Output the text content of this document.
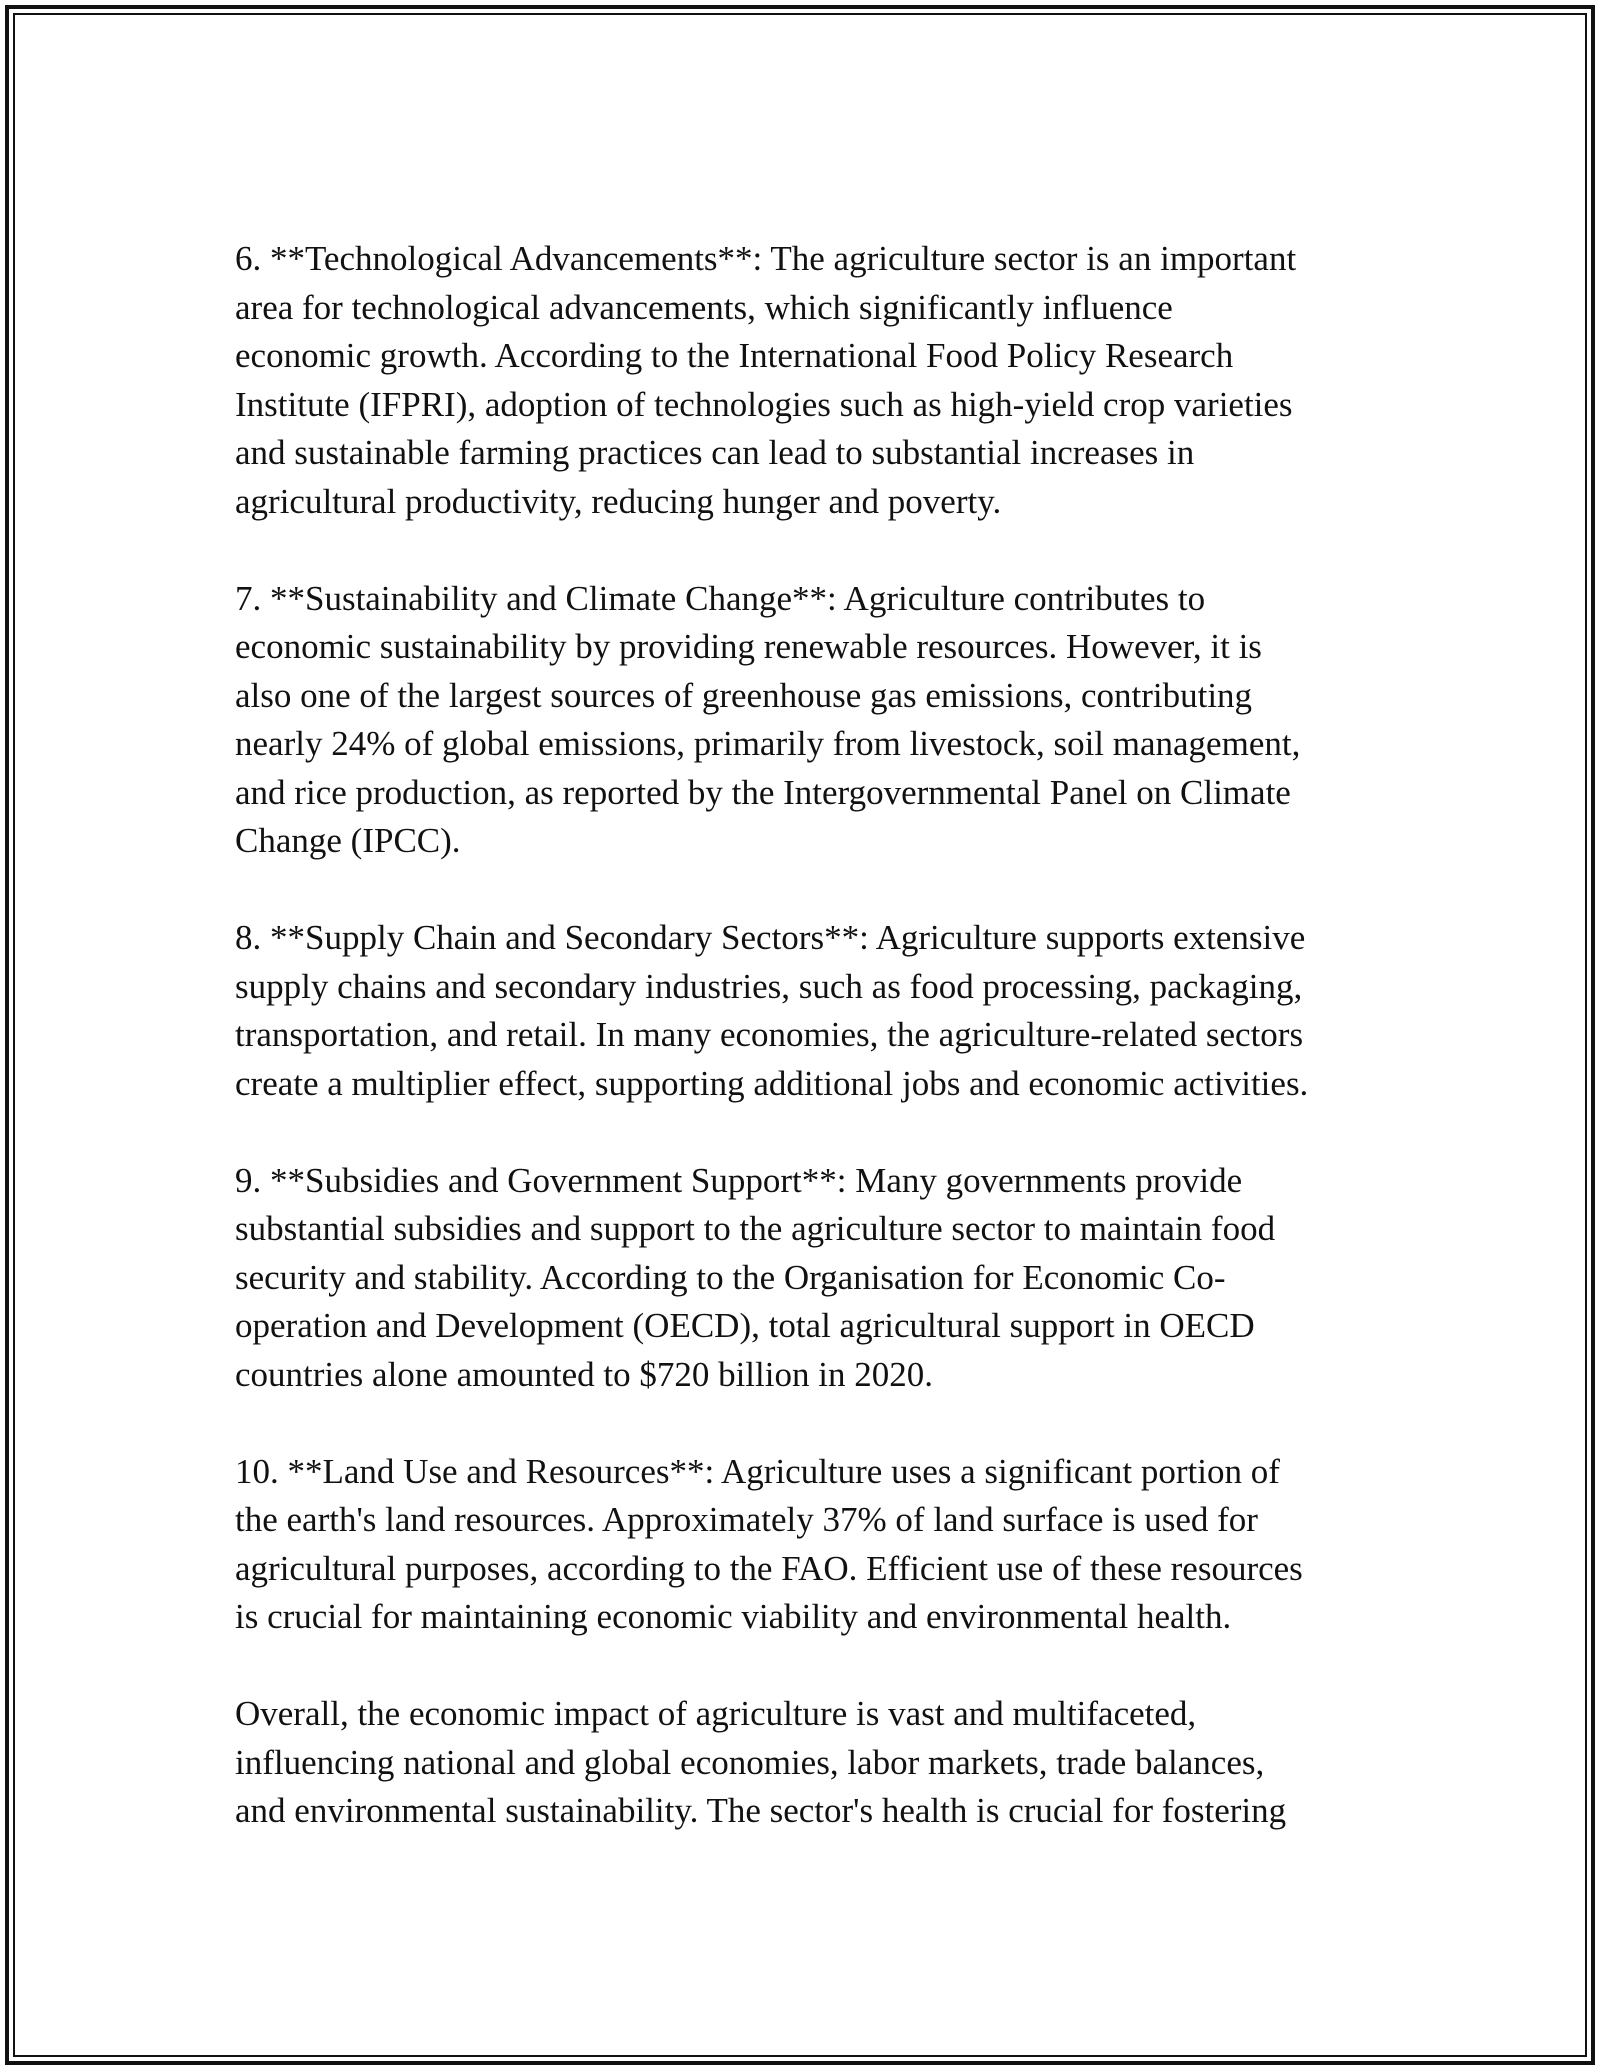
6. **Technological Advancements**: The agriculture sector is an important
area for technological advancements, which significantly influence
economic growth. According to the International Food Policy Research
Institute (IFPRI), adoption of technologies such as high-yield crop varieties
and sustainable farming practices can lead to substantial increases in
agricultural productivity, reducing hunger and poverty.

7. **Sustainability and Climate Change**: Agriculture contributes to
economic sustainability by providing renewable resources. However, it is
also one of the largest sources of greenhouse gas emissions, contributing
nearly 24% of global emissions, primarily from livestock, soil management,
and rice production, as reported by the Intergovernmental Panel on Climate
Change (IPCC).

8. **Supply Chain and Secondary Sectors**: Agriculture supports extensive
supply chains and secondary industries, such as food processing, packaging,
transportation, and retail. In many economies, the agriculture-related sectors
create a multiplier effect, supporting additional jobs and economic activities.

9. **Subsidies and Government Support**: Many governments provide
substantial subsidies and support to the agriculture sector to maintain food
security and stability. According to the Organisation for Economic Co-
operation and Development (OECD), total agricultural support in OECD
countries alone amounted to $720 billion in 2020.

10. **Land Use and Resources**: Agriculture uses a significant portion of
the earth's land resources. Approximately 37% of land surface is used for
agricultural purposes, according to the FAO. Efficient use of these resources
is crucial for maintaining economic viability and environmental health.

Overall, the economic impact of agriculture is vast and multifaceted,
influencing national and global economies, labor markets, trade balances,
and environmental sustainability. The sector's health is crucial for fostering
